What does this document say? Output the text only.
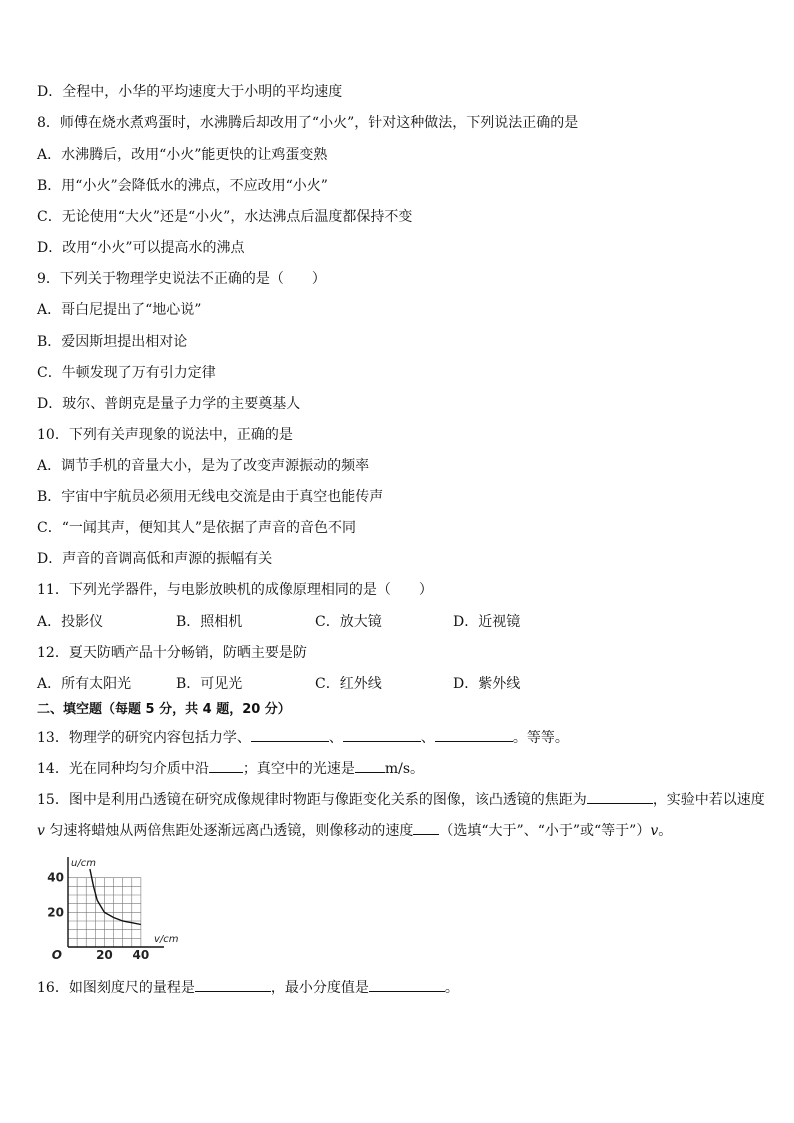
D．全程中，小华的平均速度大于小明的平均速度
8．师傅在烧水煮鸡蛋时，水沸腾后却改用了“小火”，针对这种做法，下列说法正确的是
A．水沸腾后，改用“小火”能更快的让鸡蛋变熟
B．用“小火”会降低水的沸点，不应改用“小火”
C．无论使用“大火”还是“小火”，水达沸点后温度都保持不变
D．改用“小火”可以提高水的沸点
9．下列关于物理学史说法不正确的是（　　）
A．哥白尼提出了“地心说”
B．爱因斯坦提出相对论
C．牛顿发现了万有引力定律
D．玻尔、普朗克是量子力学的主要奠基人
10．下列有关声现象的说法中，正确的是
A．调节手机的音量大小，是为了改变声源振动的频率
B．宇宙中宇航员必须用无线电交流是由于真空也能传声
C．“一闻其声，便知其人”是依据了声音的音色不同
D．声音的音调高低和声源的振幅有关
11．下列光学器件，与电影放映机的成像原理相同的是（　　）
A．投影仪	B．照相机	C．放大镜	D．近视镜
12．夏天防晒产品十分畅销，防晒主要是防
A．所有太阳光	B．可见光	C．红外线	D．紫外线
二、填空题（每题 5 分，共 4 题，20 分）
13．物理学的研究内容包括力学、	、	、	。等等。
14．光在同种均匀介质中沿 ；真空中的光速是 m/s。
15．图中是利用凸透镜在研究成像规律时物距与像距变化关系的图像，该凸透镜的焦距为	，实验中若以速度
v 匀速将蜡烛从两倍焦距处逐渐远离凸透镜，则像移动的速度 （选填“大于”、“小于”或“等于”）v。
20 40
20
40
O
v/cm
u/cm
16．如图刻度尺的量程是	，最小分度值是	。
